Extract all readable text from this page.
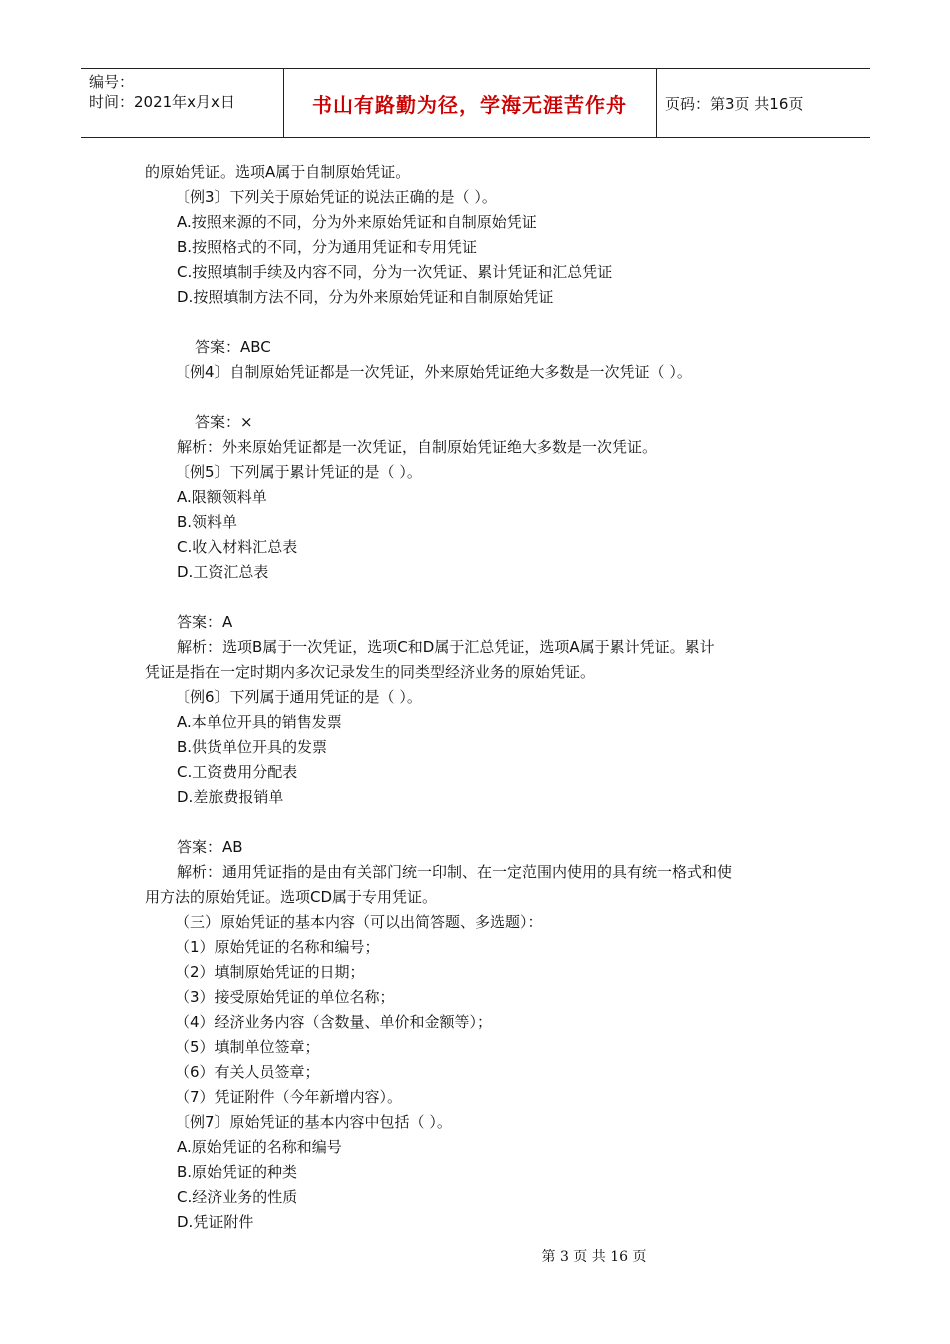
编号：
时间：2021年x月x日	书山有路勤为径，学海无涯苦作舟	页码：第3页 共16页
的原始凭证。选项A属于自制原始凭证。
〔例3〕下列关于原始凭证的说法正确的是（ ）。
A.按照来源的不同，分为外来原始凭证和自制原始凭证
B.按照格式的不同，分为通用凭证和专用凭证
C.按照填制手续及内容不同，分为一次凭证、累计凭证和汇总凭证
D.按照填制方法不同，分为外来原始凭证和自制原始凭证
答案：ABC
〔例4〕自制原始凭证都是一次凭证，外来原始凭证绝大多数是一次凭证（ ）。
答案：×
解析：外来原始凭证都是一次凭证，自制原始凭证绝大多数是一次凭证。
〔例5〕下列属于累计凭证的是（ ）。
A.限额领料单
B.领料单
C.收入材料汇总表
D.工资汇总表
答案：A
解析：选项B属于一次凭证，选项C和D属于汇总凭证，选项A属于累计凭证。累计
凭证是指在一定时期内多次记录发生的同类型经济业务的原始凭证。
〔例6〕下列属于通用凭证的是（ ）。
A.本单位开具的销售发票
B.供货单位开具的发票
C.工资费用分配表
D.差旅费报销单
答案：AB
解析：通用凭证指的是由有关部门统一印制、在一定范围内使用的具有统一格式和使
用方法的原始凭证。选项CD属于专用凭证。
（三）原始凭证的基本内容（可以出简答题、多选题）：
（1）原始凭证的名称和编号；
（2）填制原始凭证的日期；
（3）接受原始凭证的单位名称；
（4）经济业务内容（含数量、单价和金额等）；
（5）填制单位签章；
（6）有关人员签章；
（7）凭证附件（今年新增内容）。
〔例7〕原始凭证的基本内容中包括（ ）。
A.原始凭证的名称和编号
B.原始凭证的种类
C.经济业务的性质
D.凭证附件
第 3 页 共 16 页
